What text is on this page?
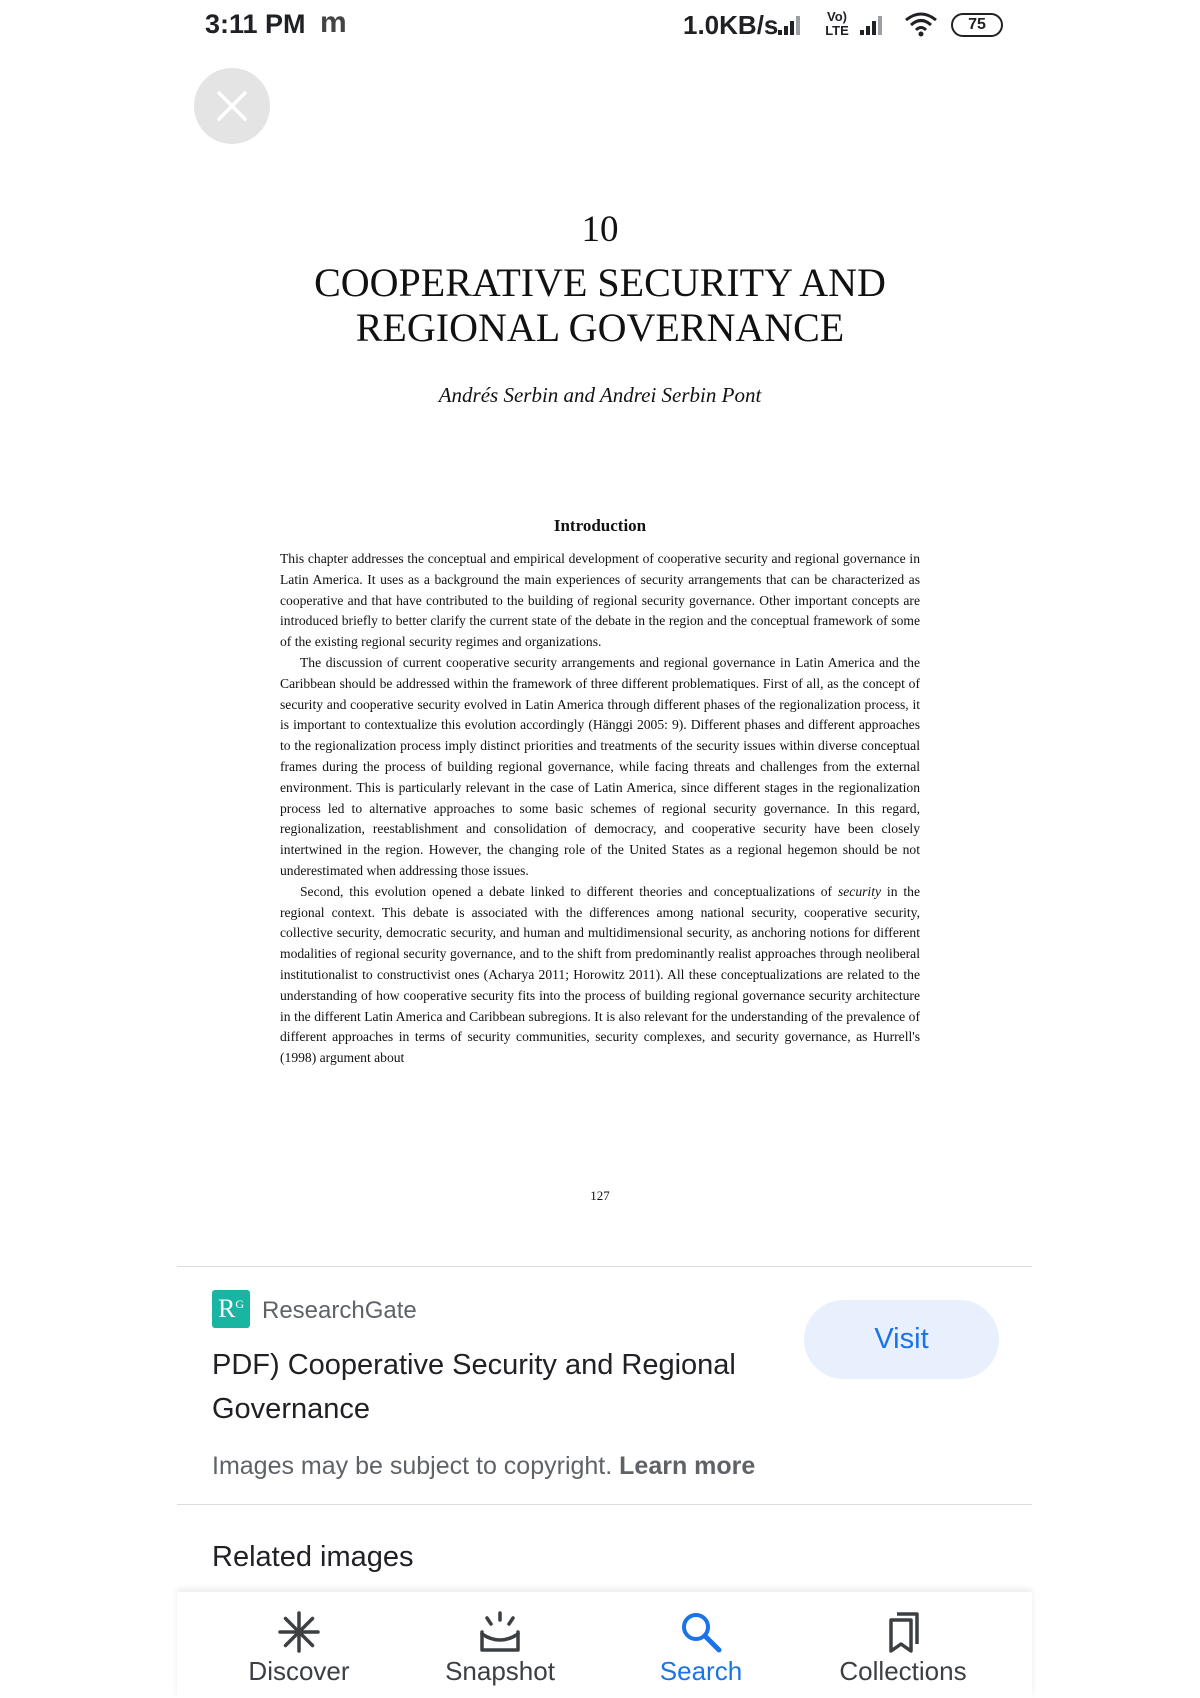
3:11 PM m	1.0KB/s	Vo) LTE	75
10
COOPERATIVE SECURITY AND REGIONAL GOVERNANCE
Andrés Serbin and Andrei Serbin Pont
Introduction

This chapter addresses the conceptual and empirical development of cooperative security and regional governance in Latin America. It uses as a background the main experiences of security arrangements that can be characterized as cooperative and that have contributed to the building of regional security governance. Other important concepts are introduced briefly to better clarify the current state of the debate in the region and the conceptual framework of some of the existing regional security regimes and organizations.

The discussion of current cooperative security arrangements and regional governance in Latin America and the Caribbean should be addressed within the framework of three different problematiques. First of all, as the concept of security and cooperative security evolved in Latin America through different phases of the regionalization process, it is important to contextualize this evolution accordingly (Hänggi 2005: 9). Different phases and different approaches to the regionalization process imply distinct priorities and treatments of the security issues within diverse conceptual frames during the process of building regional governance, while facing threats and challenges from the external environment. This is particularly relevant in the case of Latin America, since different stages in the regionalization process led to alternative approaches to some basic schemes of regional security governance. In this regard, regionalization, reestablishment and consolidation of democracy, and cooperative security have been closely intertwined in the region. However, the changing role of the United States as a regional hegemon should be not underestimated when addressing those issues.

Second, this evolution opened a debate linked to different theories and conceptualizations of security in the regional context. This debate is associated with the differences among national security, cooperative security, collective security, democratic security, and human and multidimensional security, as anchoring notions for different modalities of regional security governance, and to the shift from predominantly realist approaches through neoliberal institutionalist to constructivist ones (Acharya 2011; Horowitz 2011). All these conceptualizations are related to the understanding of how cooperative security fits into the process of building regional governance security architecture in the different Latin America and Caribbean subregions. It is also relevant for the understanding of the prevalence of different approaches in terms of security communities, security complexes, and security governance, as Hurrell's (1998) argument about

127
$R^G$ ResearchGate
PDF) Cooperative Security and Regional Governance
Visit
Images may be subject to copyright. Learn more
Related images
Discover	Snapshot	Search	Collections
